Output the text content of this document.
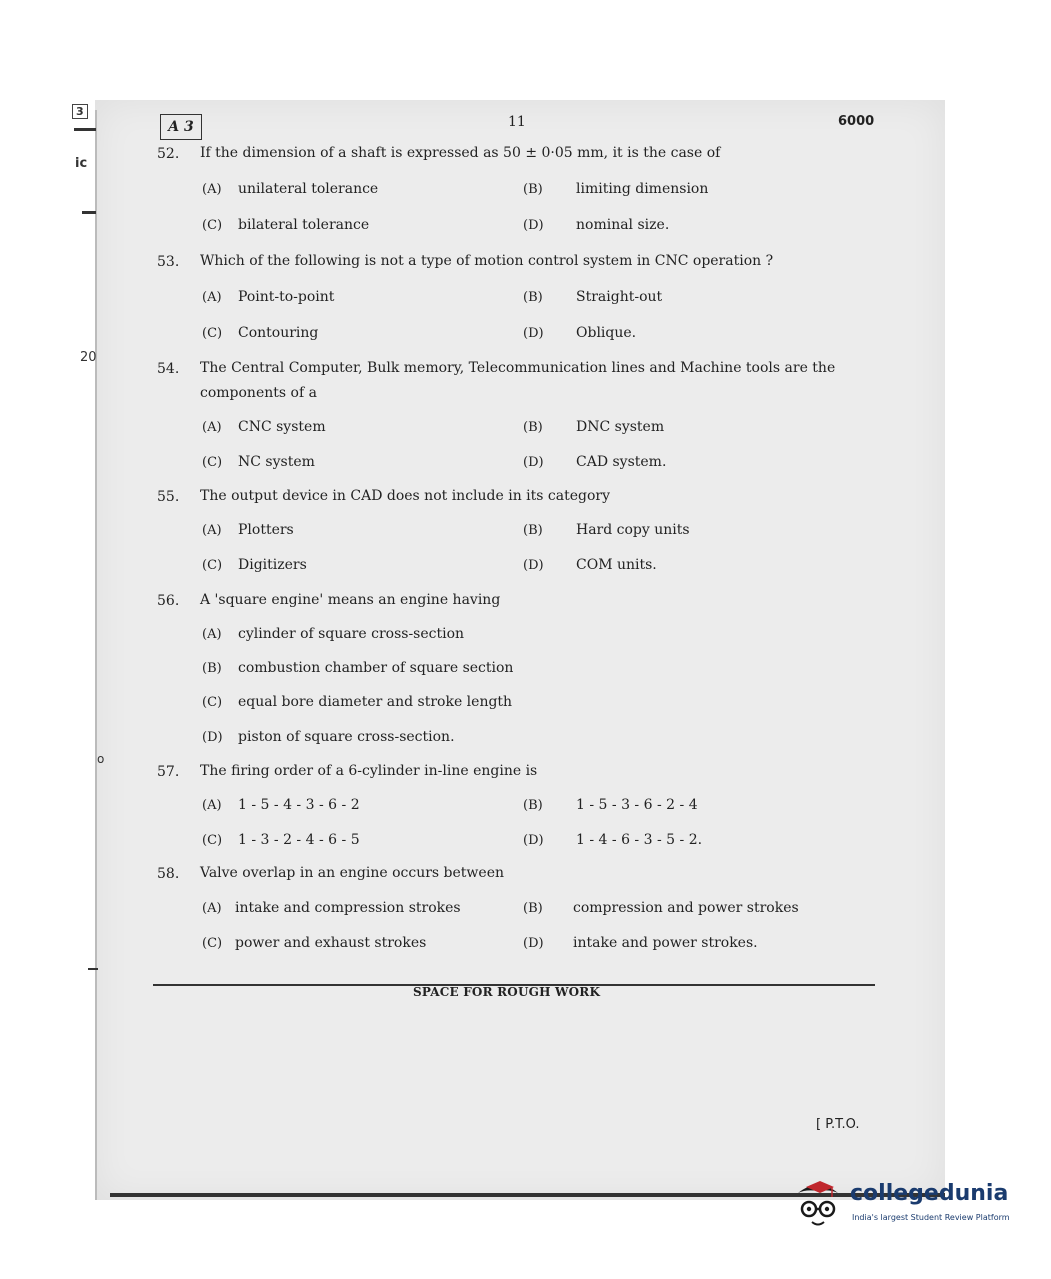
3
ic
20
o
A 3	11	6000
52. If the dimension of a shaft is expressed as 50 ± 0·05 mm, it is the case of
(A) unilateral tolerance	(B) limiting dimension
(C) bilateral tolerance	(D) nominal size.
53. Which of the following is not a type of motion control system in CNC operation ?
(A) Point-to-point	(B) Straight-out
(C) Contouring	(D) Oblique.
54. The Central Computer, Bulk memory, Telecommunication lines and Machine tools are the components of a
(A) CNC system	(B) DNC system
(C) NC system	(D) CAD system.
55. The output device in CAD does not include in its category
(A) Plotters	(B) Hard copy units
(C) Digitizers	(D) COM units.
56. A 'square engine' means an engine having
(A) cylinder of square cross-section
(B) combustion chamber of square section
(C) equal bore diameter and stroke length
(D) piston of square cross-section.
57. The firing order of a 6-cylinder in-line engine is
(A) 1 - 5 - 4 - 3 - 6 - 2	(B) 1 - 5 - 3 - 6 - 2 - 4
(C) 1 - 3 - 2 - 4 - 6 - 5	(D) 1 - 4 - 6 - 3 - 5 - 2.
58. Valve overlap in an engine occurs between
(A) intake and compression strokes	(B) compression and power strokes
(C) power and exhaust strokes	(D) intake and power strokes.
SPACE FOR ROUGH WORK
[ P.T.O.
collegedunia
India's largest Student Review Platform
